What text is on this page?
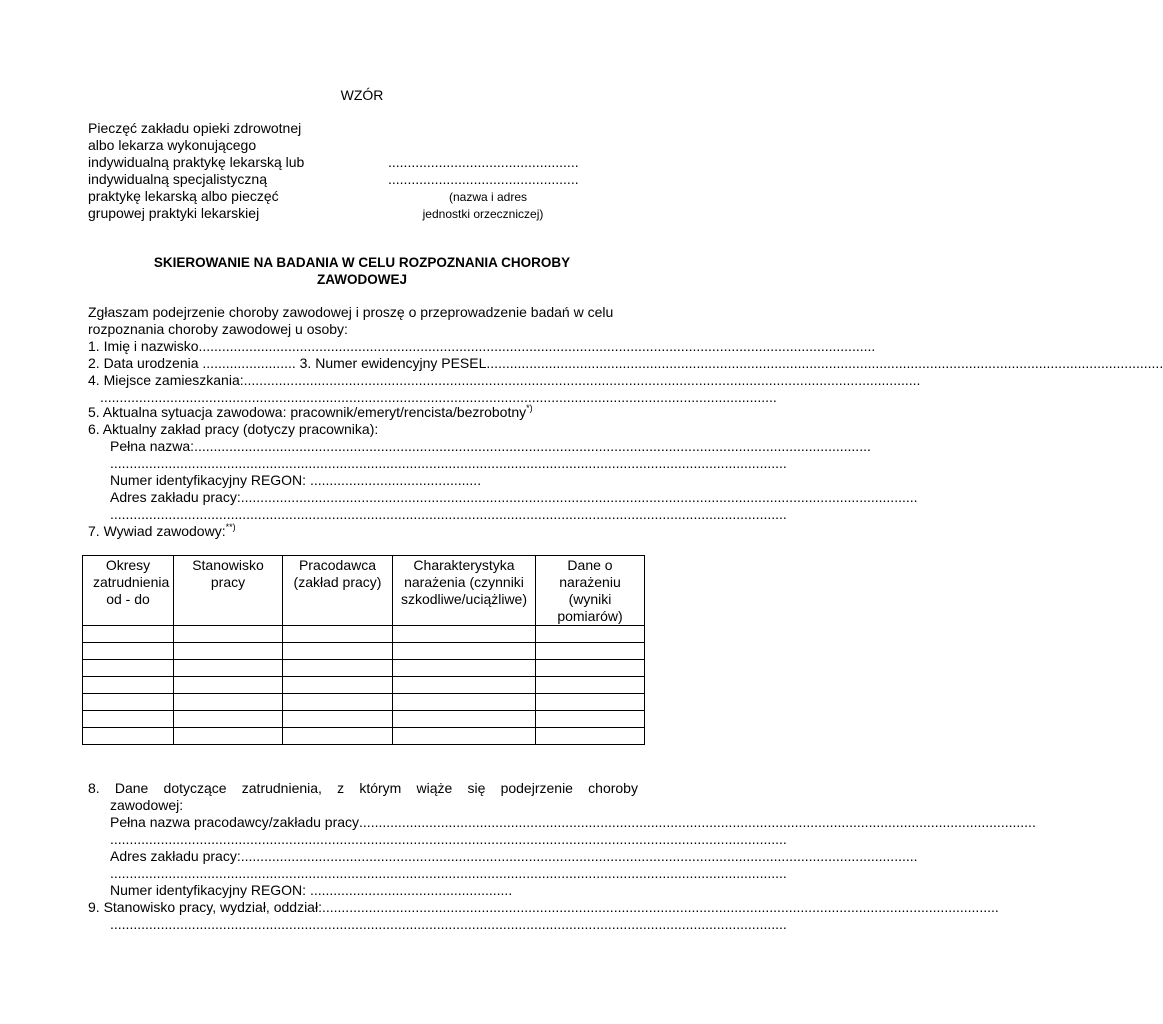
WZÓR
Pieczęć zakładu opieki zdrowotnej
albo lekarza wykonującego
indywidualną praktykę lekarską lub
indywidualną specjalistyczną
praktykę lekarską albo pieczęć
grupowej praktyki lekarskiej
.................................................
.................................................
(nazwa i adres
jednostki orzeczniczej)
SKIEROWANIE NA BADANIA W CELU ROZPOZNANIA CHOROBY
ZAWODOWEJ
Zgłaszam podejrzenie choroby zawodowej i proszę o przeprowadzenie badań w celu
rozpoznania choroby zawodowej u osoby:
1. Imię i nazwisko ..............................................................................................................................................................................
2. Data urodzenia ........................ 3. Numer ewidencyjny PESEL ..............................................................................................................................................................................
4. Miejsce zamieszkania: ..............................................................................................................................................................................
..............................................................................................................................................................................
5. Aktualna sytuacja zawodowa: pracownik/emeryt/rencista/bezrobotny*)
6. Aktualny zakład pracy (dotyczy pracownika):
Pełna nazwa: ..............................................................................................................................................................................
..............................................................................................................................................................................
Numer identyfikacyjny REGON: ............................................
Adres zakładu pracy: ..............................................................................................................................................................................
..............................................................................................................................................................................
7. Wywiad zawodowy:**)
Okresy zatrudnienia od - do	Stanowisko pracy	Pracodawca (zakład pracy)	Charakterystyka narażenia (czynniki szkodliwe/uciążliwe)	Dane o narażeniu (wyniki pomiarów)

8. Dane dotyczące zatrudnienia, z którym wiąże się podejrzenie choroby
zawodowej:
Pełna nazwa pracodawcy/zakładu pracy ..............................................................................................................................................................................
..............................................................................................................................................................................
Adres zakładu pracy: ..............................................................................................................................................................................
..............................................................................................................................................................................
Numer identyfikacyjny REGON: ....................................................
9. Stanowisko pracy, wydział, oddział: ..............................................................................................................................................................................
..............................................................................................................................................................................
